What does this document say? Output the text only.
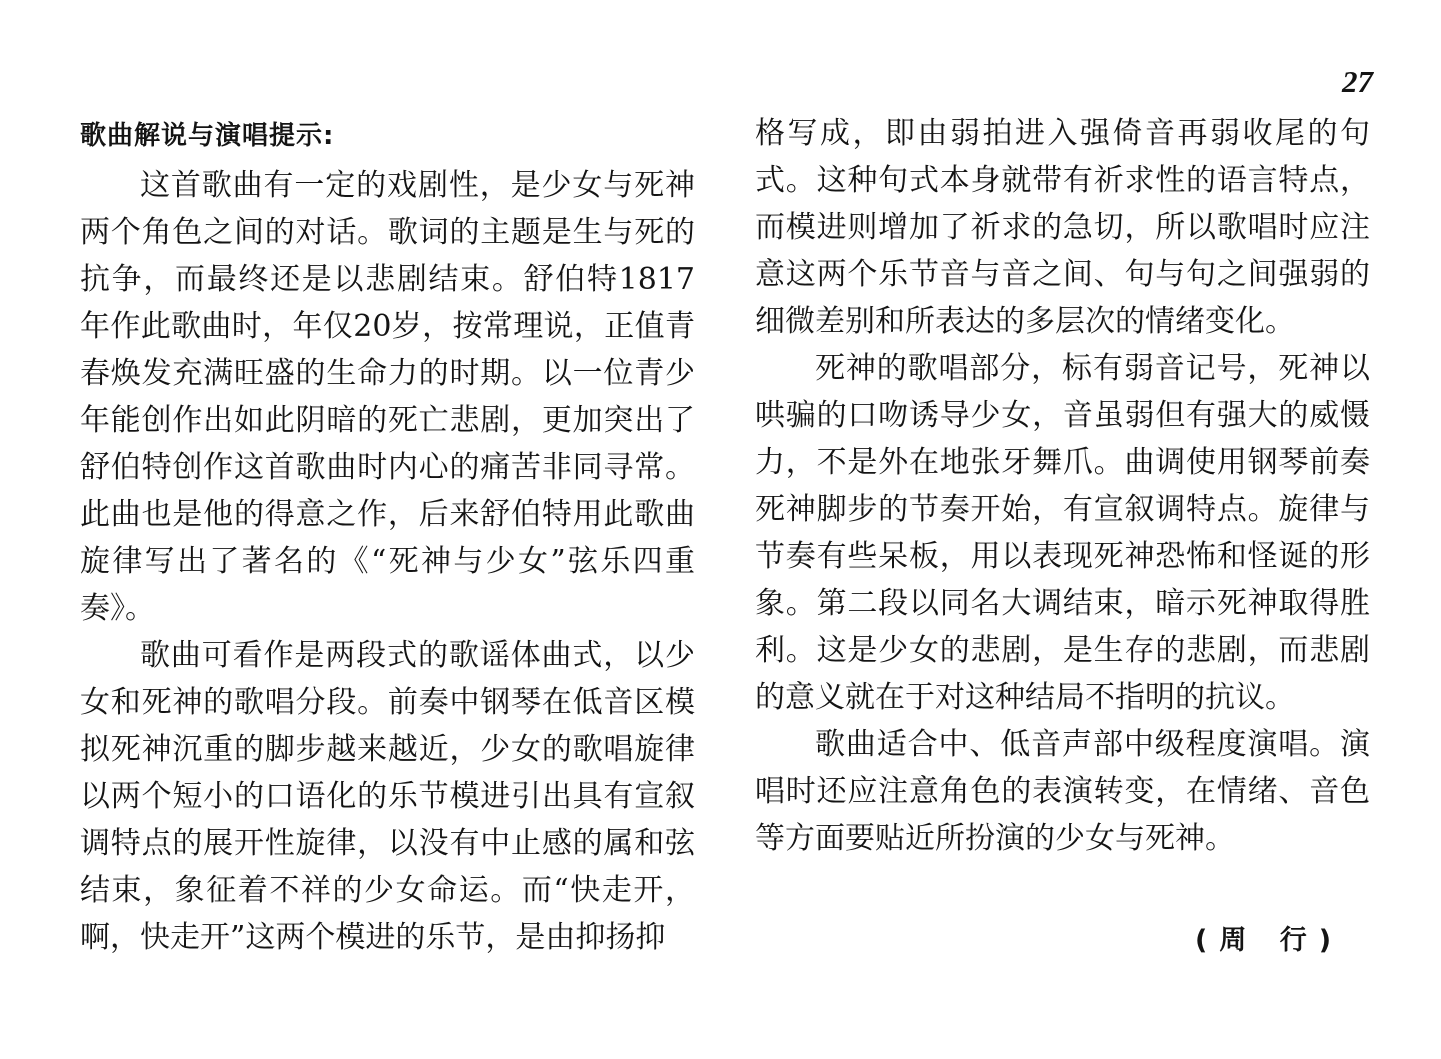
27

歌曲解说与演唱提示:

这首歌曲有一定的戏剧性，是少女与死神两个角色之间的对话。歌词的主题是生与死的抗争，而最终还是以悲剧结束。舒伯特1817年作此歌曲时，年仅20岁，按常理说，正值青春焕发充满旺盛的生命力的时期。以一位青少年能创作出如此阴暗的死亡悲剧，更加突出了舒伯特创作这首歌曲时内心的痛苦非同寻常。此曲也是他的得意之作，后来舒伯特用此歌曲旋律写出了著名的《“死神与少女”弦乐四重奏》。

歌曲可看作是两段式的歌谣体曲式，以少女和死神的歌唱分段。前奏中钢琴在低音区模拟死神沉重的脚步越来越近，少女的歌唱旋律以两个短小的口语化的乐节模进引出具有宣叙调特点的展开性旋律，以没有中止感的属和弦结束，象征着不祥的少女命运。而“快走开，啊，快走开”这两个模进的乐节，是由抑扬抑

格写成，即由弱拍进入强倚音再弱收尾的句式。这种句式本身就带有祈求性的语言特点，而模进则增加了祈求的急切，所以歌唱时应注意这两个乐节音与音之间、句与句之间强弱的细微差别和所表达的多层次的情绪变化。

死神的歌唱部分，标有弱音记号，死神以哄骗的口吻诱导少女，音虽弱但有强大的威慑力，不是外在地张牙舞爪。曲调使用钢琴前奏死神脚步的节奏开始，有宣叙调特点。旋律与节奏有些呆板，用以表现死神恐怖和怪诞的形象。第二段以同名大调结束，暗示死神取得胜利。这是少女的悲剧，是生存的悲剧，而悲剧的意义就在于对这种结局不指明的抗议。

歌曲适合中、低音声部中级程度演唱。演唱时还应注意角色的表演转变，在情绪、音色等方面要贴近所扮演的少女与死神。

(周 行)
